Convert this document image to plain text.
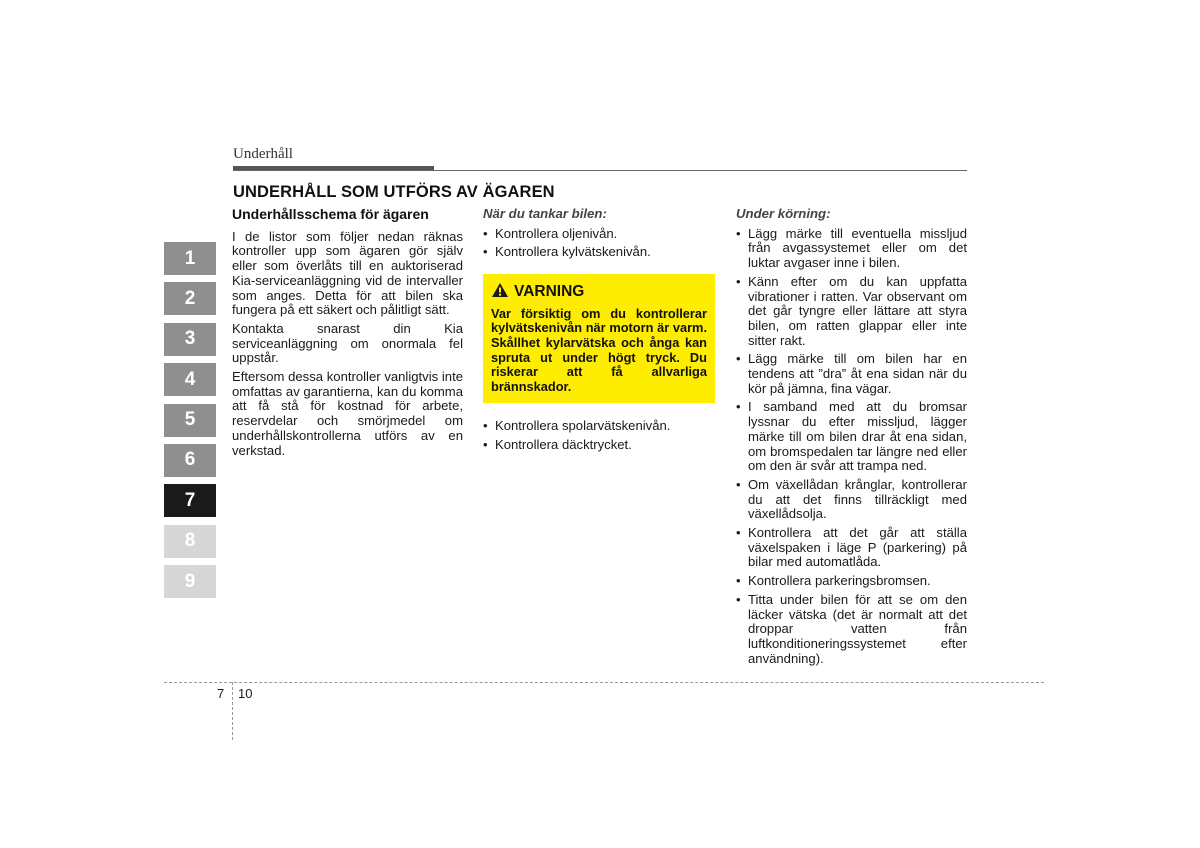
Underhåll
UNDERHÅLL SOM UTFÖRS AV ÄGAREN
1
2
3
4
5
6
7
8
9
Underhållsschema för ägaren

I de listor som följer nedan räknas kontroller upp som ägaren gör själv eller som överlåts till en auktoriserad Kia-serviceanläggning vid de intervaller som anges. Detta för att bilen ska fungera på ett säkert och pålitligt sätt.

Kontakta snarast din Kia serviceanläggning om onormala fel uppstår.

Eftersom dessa kontroller vanligtvis inte omfattas av garantierna, kan du komma att få stå för kostnad för arbete, reservdelar och smörjmedel om underhållskontrollerna utförs av en verkstad.

När du tankar bilen:
• Kontrollera oljenivån.
• Kontrollera kylvätskenivån.
VARNING
Var försiktig om du kontrollerar kylvätskenivån när motorn är varm. Skållhet kylarvätska och ånga kan spruta ut under högt tryck. Du riskerar att få allvarliga brännskador.
• Kontrollera spolarvätskenivån.
• Kontrollera däcktrycket.
Under körning:
• Lägg märke till eventuella missljud från avgassystemet eller om det luktar avgaser inne i bilen.
• Känn efter om du kan uppfatta vibrationer i ratten. Var observant om det går tyngre eller lättare att styra bilen, om ratten glappar eller inte sitter rakt.
• Lägg märke till om bilen har en tendens att ”dra” åt ena sidan när du kör på jämna, fina vägar.
• I samband med att du bromsar lyssnar du efter missljud, lägger märke till om bilen drar åt ena sidan, om bromspedalen tar längre ned eller om den är svår att trampa ned.
• Om växellådan krånglar, kontrollerar du att det finns tillräckligt med växellådsolja.
• Kontrollera att det går att ställa växelspaken i läge P (parkering) på bilar med automatlåda.
• Kontrollera parkeringsbromsen.
• Titta under bilen för att se om den läcker vätska (det är normalt att det droppar vatten från luftkonditioneringssystemet efter användning).
7 10
